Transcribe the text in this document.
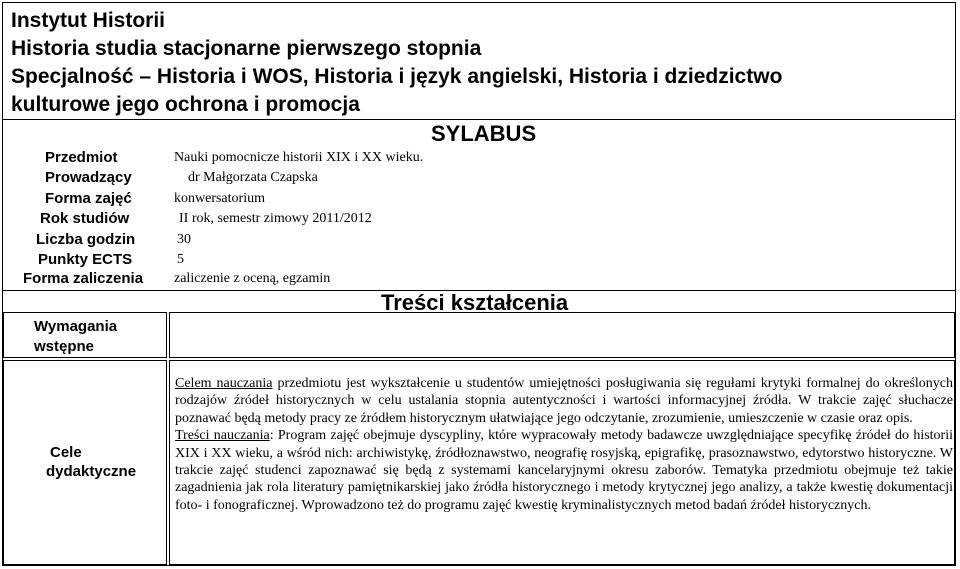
Instytut Historii
Historia studia stacjonarne pierwszego stopnia
Specjalność – Historia i WOS, Historia i język angielski, Historia i dziedzictwo
kulturowe jego ochrona i promocja
SYLABUS
Przedmiot
Prowadzący
Forma zajęć
Rok studiów
Liczba godzin
Punkty ECTS
Forma zaliczenia
Nauki pomocnicze historii XIX i XX wieku.
dr Małgorzata Czapska
konwersatorium
II rok, semestr zimowy 2011/2012
30
5
zaliczenie z oceną, egzamin
Treści kształcenia
Wymagania
wstępne
Cele
dydaktyczne
Celem nauczania przedmiotu jest wykształcenie u studentów umiejętności posługiwania się regułami krytyki formalnej do określonych rodzajów źródeł historycznych w celu ustalania stopnia autentyczności i wartości informacyjnej źródła. W trakcie zajęć słuchacze poznawać będą metody pracy ze źródłem historycznym ułatwiające jego odczytanie, zrozumienie, umieszczenie w czasie oraz opis.
Treści nauczania: Program zajęć obejmuje dyscypliny, które wypracowały metody badawcze uwzględniające specyfikę źródeł do historii XIX i XX wieku, a wśród nich: archiwistykę, źródłoznawstwo, neografię rosyjską, epigrafikę, prasoznawstwo, edytorstwo historyczne. W trakcie zajęć studenci zapoznawać się będą z systemami kancelaryjnymi okresu zaborów. Tematyka przedmiotu obejmuje też takie zagadnienia jak rola literatury pamiętnikarskiej jako źródła historycznego i metody krytycznej jego analizy, a także kwestię dokumentacji foto- i fonograficznej. Wprowadzono też do programu zajęć kwestię kryminalistycznych metod badań źródeł historycznych.
